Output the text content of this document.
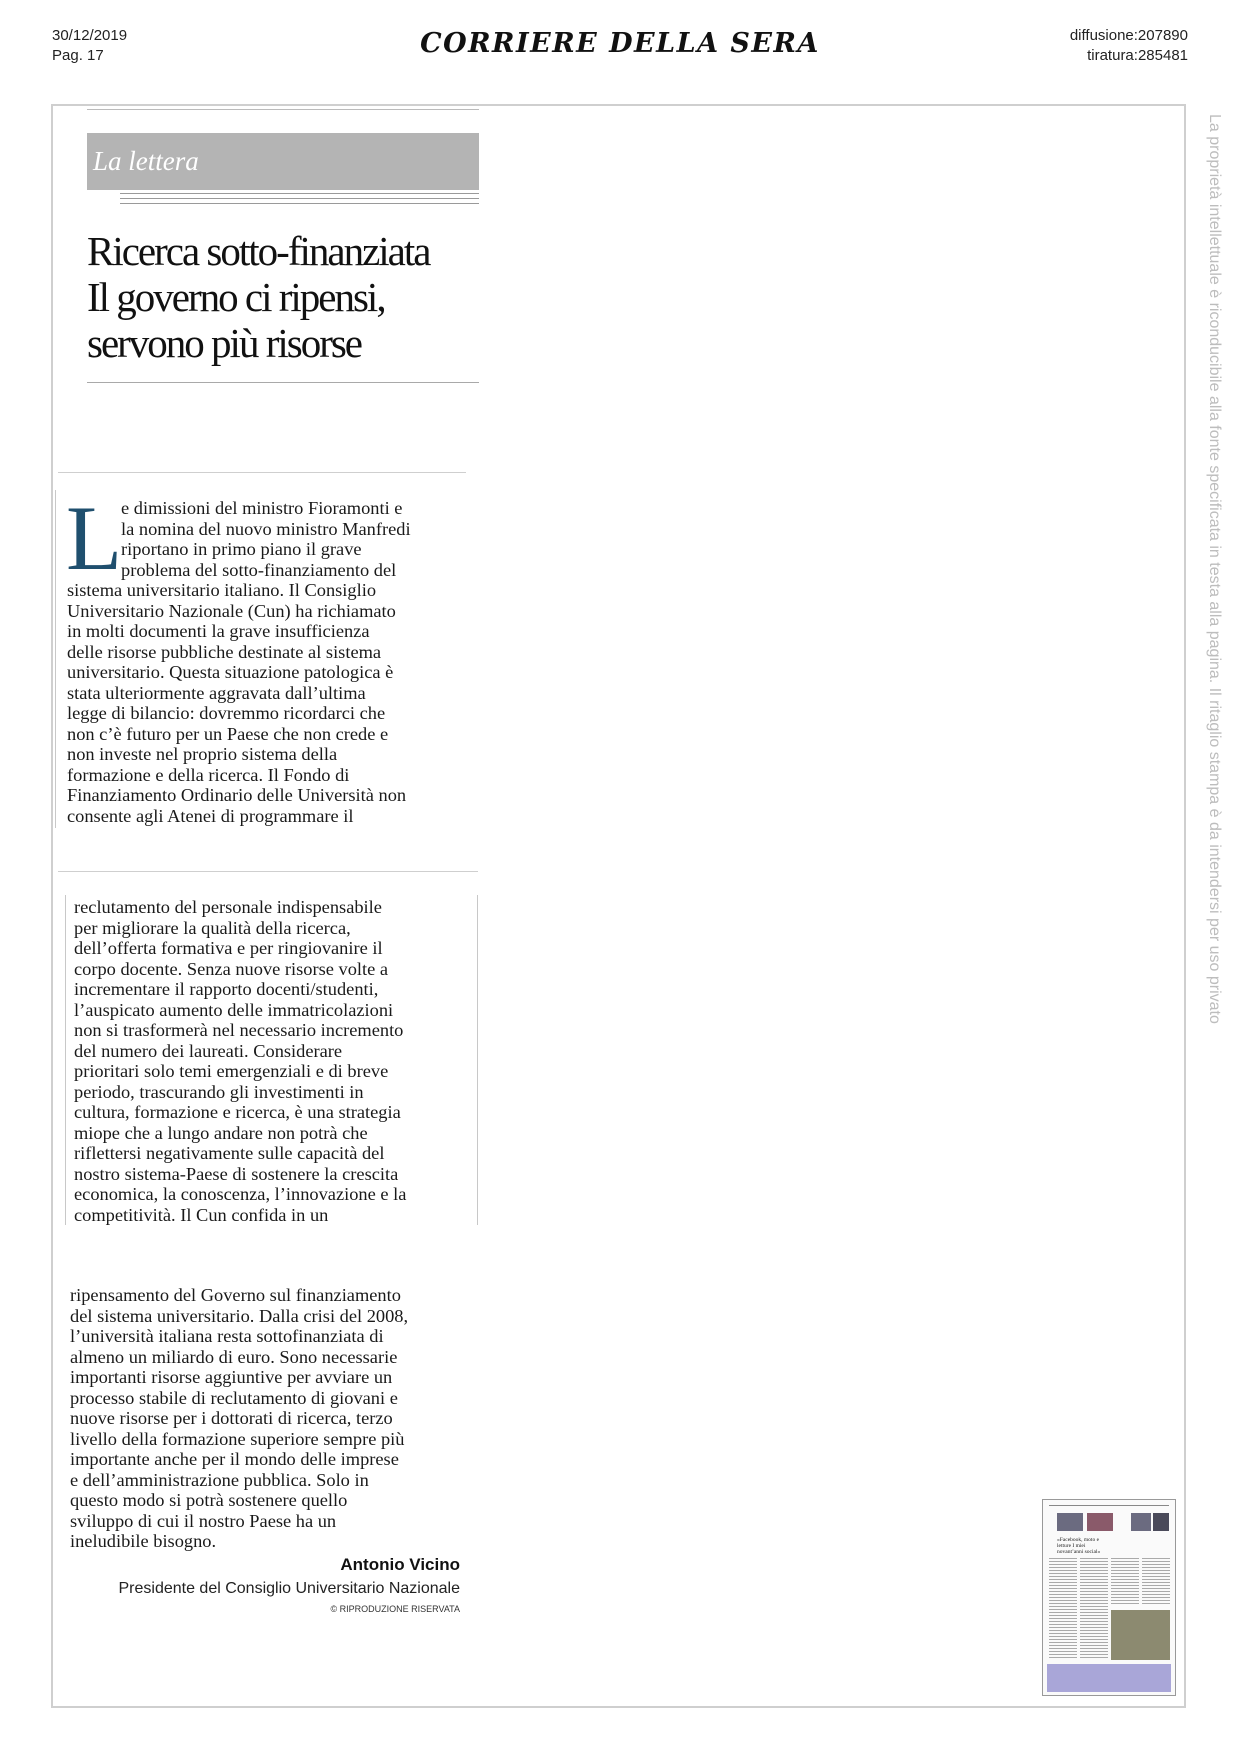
30/12/2019
Pag. 17	CORRIERE DELLA SERA	diffusione:207890
tiratura:285481
La proprietà intellettuale è riconducibile alla fonte specificata in testa alla pagina. Il ritaglio stampa è da intendersi per uso privato
La lettera
Ricerca sotto-finanziata
Il governo ci ripensi,
servono più risorse
L
e dimissioni del ministro Fioramonti e
la nomina del nuovo ministro Manfredi
riportano in primo piano il grave
problema del sotto-finanziamento del
sistema universitario italiano. Il Consiglio
Universitario Nazionale (Cun) ha richiamato
in molti documenti la grave insufficienza
delle risorse pubbliche destinate al sistema
universitario. Questa situazione patologica è
stata ulteriormente aggravata dall’ultima
legge di bilancio: dovremmo ricordarci che
non c’è futuro per un Paese che non crede e
non investe nel proprio sistema della
formazione e della ricerca. Il Fondo di
Finanziamento Ordinario delle Università non
consente agli Atenei di programmare il
reclutamento del personale indispensabile
per migliorare la qualità della ricerca,
dell’offerta formativa e per ringiovanire il
corpo docente. Senza nuove risorse volte a
incrementare il rapporto docenti/studenti,
l’auspicato aumento delle immatricolazioni
non si trasformerà nel necessario incremento
del numero dei laureati. Considerare
prioritari solo temi emergenziali e di breve
periodo, trascurando gli investimenti in
cultura, formazione e ricerca, è una strategia
miope che a lungo andare non potrà che
riflettersi negativamente sulle capacità del
nostro sistema-Paese di sostenere la crescita
economica, la conoscenza, l’innovazione e la
competitività. Il Cun confida in un
ripensamento del Governo sul finanziamento
del sistema universitario. Dalla crisi del 2008,
l’università italiana resta sottofinanziata di
almeno un miliardo di euro. Sono necessarie
importanti risorse aggiuntive per avviare un
processo stabile di reclutamento di giovani e
nuove risorse per i dottorati di ricerca, terzo
livello della formazione superiore sempre più
importante anche per il mondo delle imprese
e dell’amministrazione pubblica. Solo in
questo modo si potrà sostenere quello
sviluppo di cui il nostro Paese ha un
ineludibile bisogno.
Antonio Vicino
Presidente del Consiglio Universitario Nazionale
© RIPRODUZIONE RISERVATA
«Facebook, moto e letture I miei novant’anni social»
